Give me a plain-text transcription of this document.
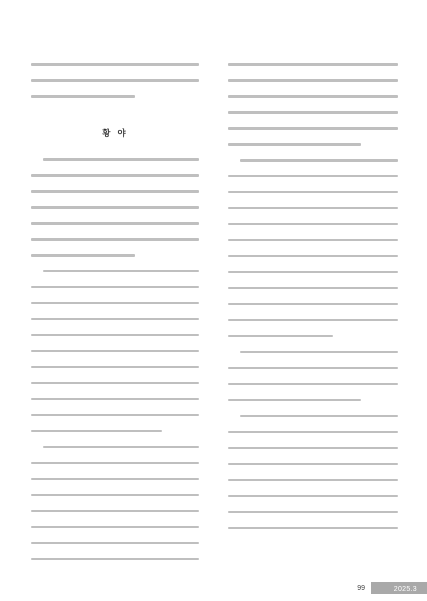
황 야
99	2025.3
